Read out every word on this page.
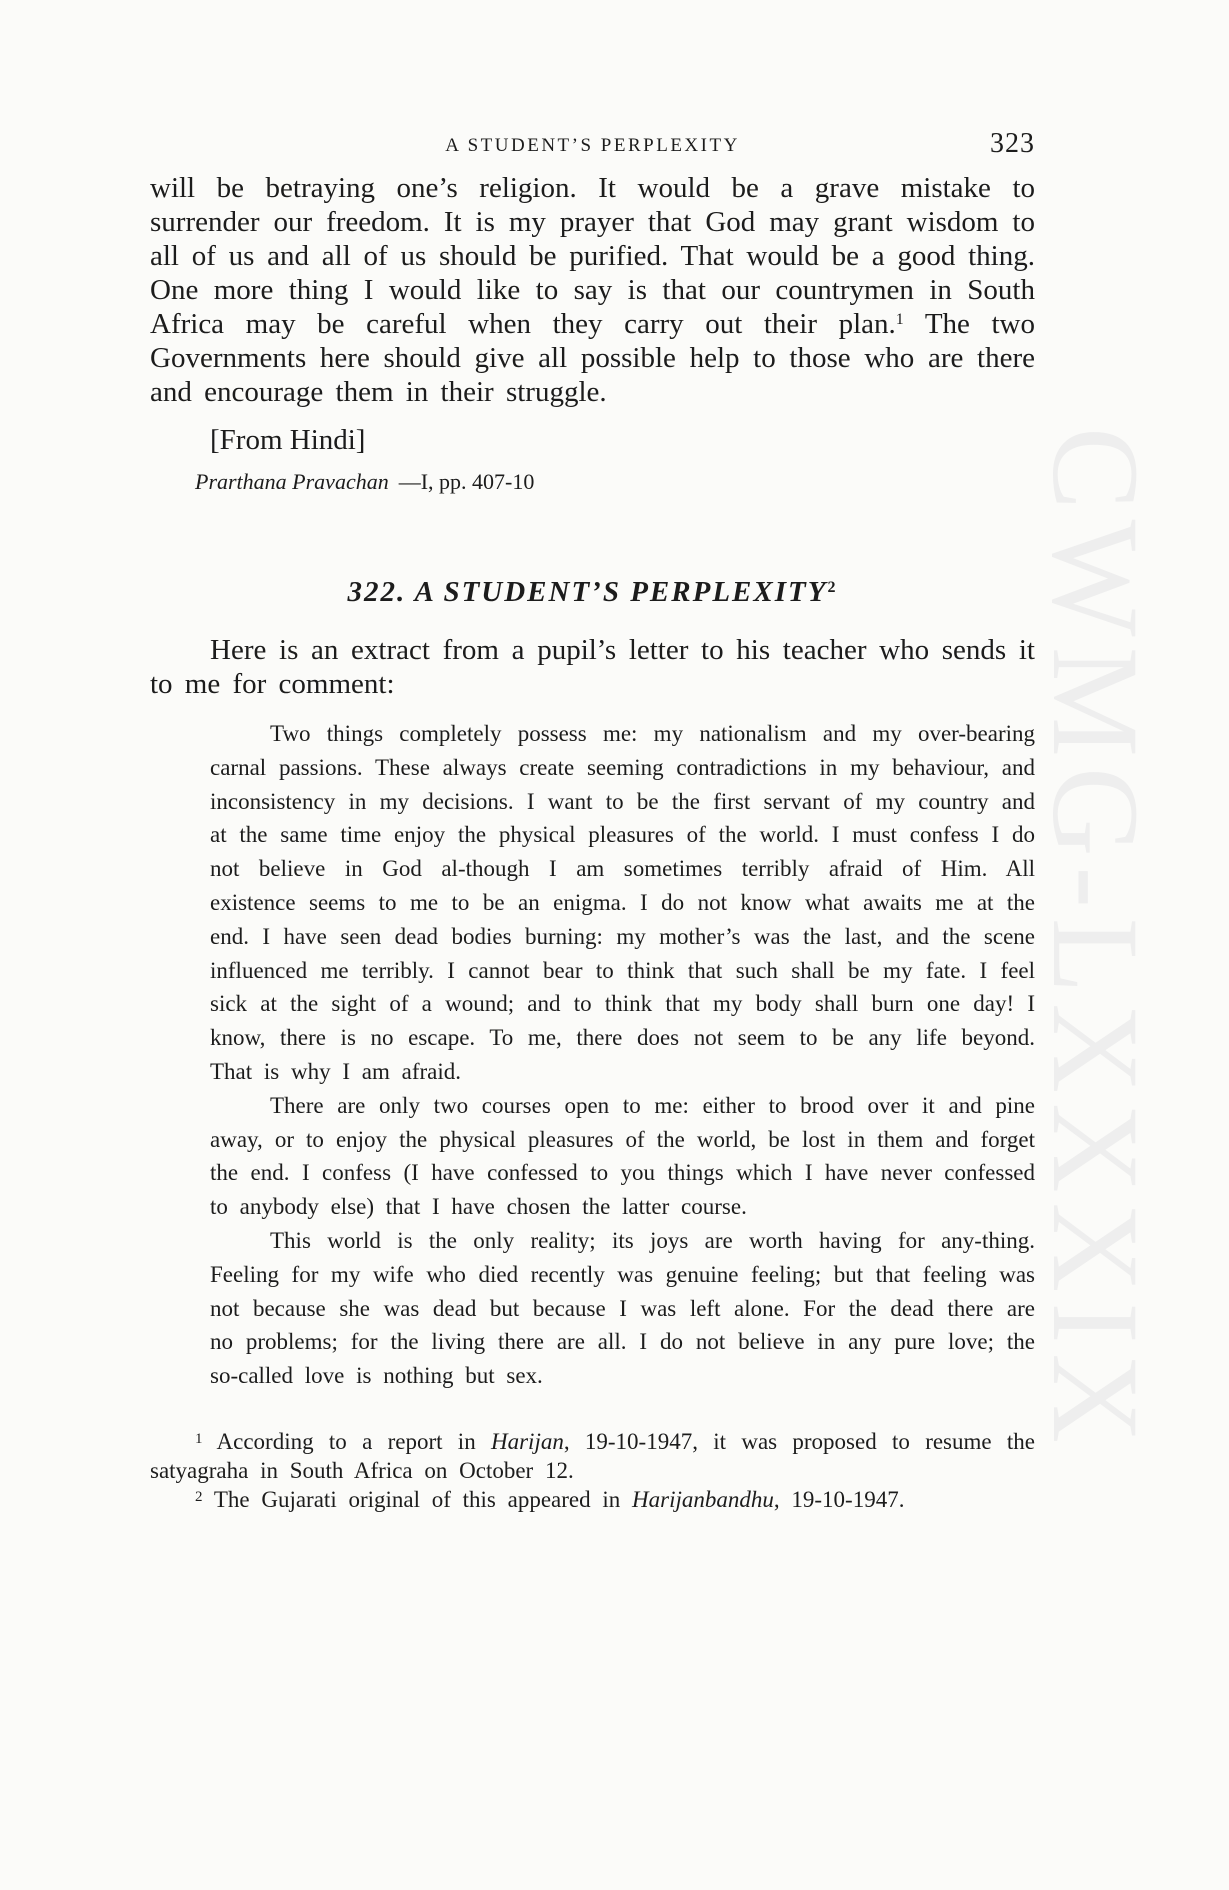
CWMG-LXXXIX
A STUDENT’S PERPLEXITY	323

will be betraying one’s religion. It would be a grave mistake to surrender our freedom. It is my prayer that God may grant wisdom to all of us and all of us should be purified. That would be a good thing. One more thing I would like to say is that our countrymen in South Africa may be careful when they carry out their plan.$^1$ The two Governments here should give all possible help to those who are there and encourage them in their struggle.

[From Hindi]
Prarthana Pravachan —I, pp. 407-10
322. A STUDENT’S PERPLEXITY$^2$

Here is an extract from a pupil’s letter to his teacher who sends it to me for comment:

Two things completely possess me: my nationalism and my over-bearing carnal passions. These always create seeming contradictions in my behaviour, and inconsistency in my decisions. I want to be the first servant of my country and at the same time enjoy the physical pleasures of the world. I must confess I do not believe in God al-though I am sometimes terribly afraid of Him. All existence seems to me to be an enigma. I do not know what awaits me at the end. I have seen dead bodies burning: my mother’s was the last, and the scene influenced me terribly. I cannot bear to think that such shall be my fate. I feel sick at the sight of a wound; and to think that my body shall burn one day! I know, there is no escape. To me, there does not seem to be any life beyond. That is why I am afraid.

There are only two courses open to me: either to brood over it and pine away, or to enjoy the physical pleasures of the world, be lost in them and forget the end. I confess (I have confessed to you things which I have never confessed to anybody else) that I have chosen the latter course.

This world is the only reality; its joys are worth having for any-thing. Feeling for my wife who died recently was genuine feeling; but that feeling was not because she was dead but because I was left alone. For the dead there are no problems; for the living there are all. I do not believe in any pure love; the so-called love is nothing but sex.

$^1$ According to a report in Harijan, 19-10-1947, it was proposed to resume the satyagraha in South Africa on October 12.

$^2$ The Gujarati original of this appeared in Harijanbandhu, 19-10-1947.
